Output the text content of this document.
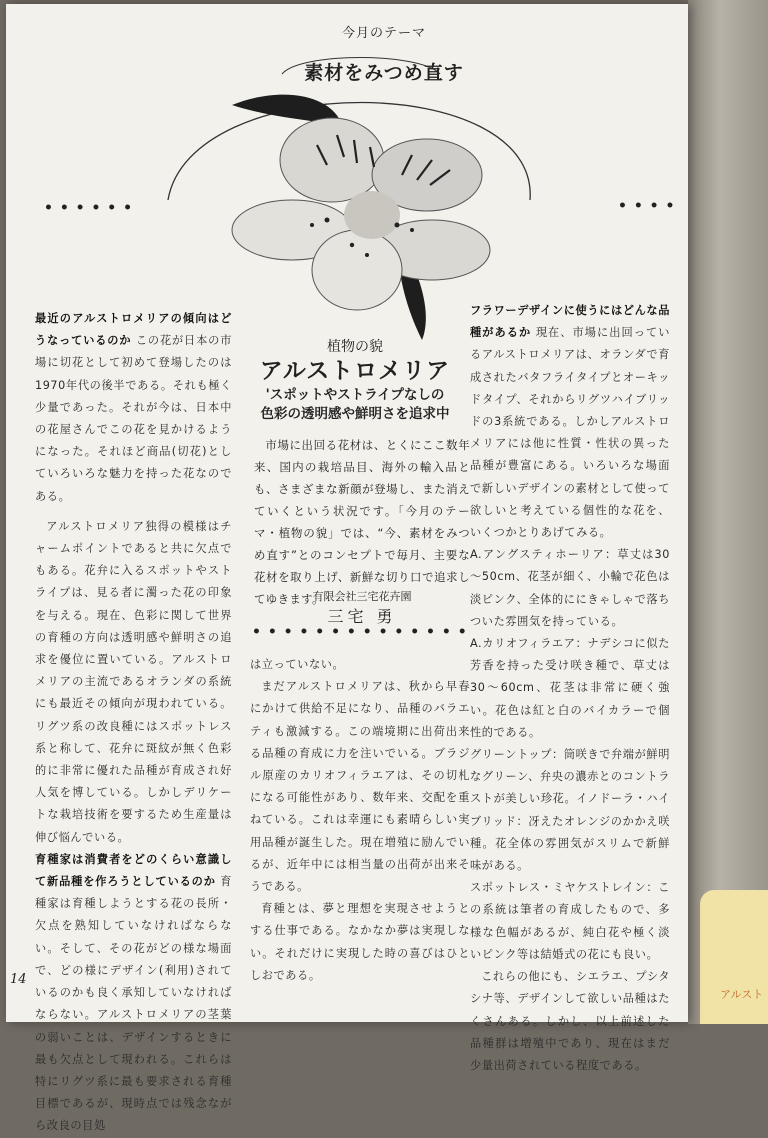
アルスト
今月のテーマ
素材をみつめ直す
• • • • • •	• • • •

最近のアルストロメリアの傾向はどうなっているのか この花が日本の市場に切花として初めて登場したのは1970年代の後半である。それも極く少量であった。それが今は、日本中の花屋さんでこの花を見かけるようになった。それほど商品(切花)としていろいろな魅力を持った花なのである。

アルストロメリア独得の模様はチャームポイントであると共に欠点でもある。花弁に入るスポットやストライプは、見る者に濁った花の印象を与える。現在、色彩に関して世界の育種の方向は透明感や鮮明さの追求を優位に置いている。アルストロメリアの主流であるオランダの系統にも最近その傾向が現われている。リグツ系の改良種にはスポットレス系と称して、花弁に斑紋が無く色彩的に非常に優れた品種が育成され好人気を博している。しかしデリケートな栽培技術を要するため生産量は伸び悩んでいる。

育種家は消費者をどのくらい意識して新品種を作ろうとしているのか 育種家は育種しようとする花の長所・欠点を熟知していなければならない。そして、その花がどの様な場面で、どの様にデザイン(利用)されているのかも良く承知していなければならない。アルストロメリアの茎葉の弱いことは、デザインするときに最も欠点として現われる。これらは特にリグツ系に最も要求される育種目標であるが、現時点では残念ながら改良の目処

植物の貌
アルストロメリア
'スポットやストライプなしの
色彩の透明感や鮮明さを追求中

市場に出回る花材は、とくにここ数年来、国内の栽培品目、海外の輸入品とも、さまざまな新顔が登場し、また消えていくという状況です。「今月のテーマ・植物の貌」では、“今、素材をみつめ直す”とのコンセプトで毎月、主要な花材を取り上げ、新鮮な切り口で追求してゆきます。

有限会社三宅花卉園
三宅 勇
• • • • • • • • • • • • • •

は立っていない。

まだアルストロメリアは、秋から早春にかけて供給不足になり、品種のバラエティも激減する。この端境期に出荷出来る品種の育成に力を注いでいる。ブラジル原産のカリオフィラエアは、その切札になる可能性があり、数年来、交配を重ねている。これは幸運にも素晴らしい実用品種が誕生した。現在増殖に励んでいるが、近年中には相当量の出荷が出来そうである。

育種とは、夢と理想を実現させようとする仕事である。なかなか夢は実現しない。それだけに実現した時の喜びはひとしおである。

フラワーデザインに使うにはどんな品種があるか 現在、市場に出回っているアルストロメリアは、オランダで育成されたバタフライタイプとオーキッドタイプ、それからリグツハイブリッドの3系統である。しかしアルストロメリアには他に性質・性状の異った品種が豊富にある。いろいろな場面で新しいデザインの素材として使って欲しいと考えている個性的な花を、いくつかとりあげてみる。

A.アングスティホーリア：草丈は30～50cm、花茎が細く、小輪で花色は淡ピンク、全体的ににきゃしゃで落ちついた雰囲気を持っている。

A.カリオフィラエア：ナデシコに似た芳香を持った受け咲き種で、草丈は30～60cm、花茎は非常に硬く強い。花色は紅と白のバイカラーで個性的である。

グリーントップ：筒咲きで弁端が鮮明なグリーン、弁央の濃赤とのコントラストが美しい珍花。イノドーラ・ハイブリッド：冴えたオレンジのかかえ咲種。花全体の雰囲気がスリムで新鮮味がある。

スポットレス・ミヤケストレイン：この系統は筆者の育成したもので、多様な色幅があるが、純白花や極く淡いピンク等は結婚式の花にも良い。

これらの他にも、シエラエ、プシタシナ等、デザインして欲しい品種はたくさんある。しかし、以上前述した品種群は増殖中であり、現在はまだ少量出荷されている程度である。

14
